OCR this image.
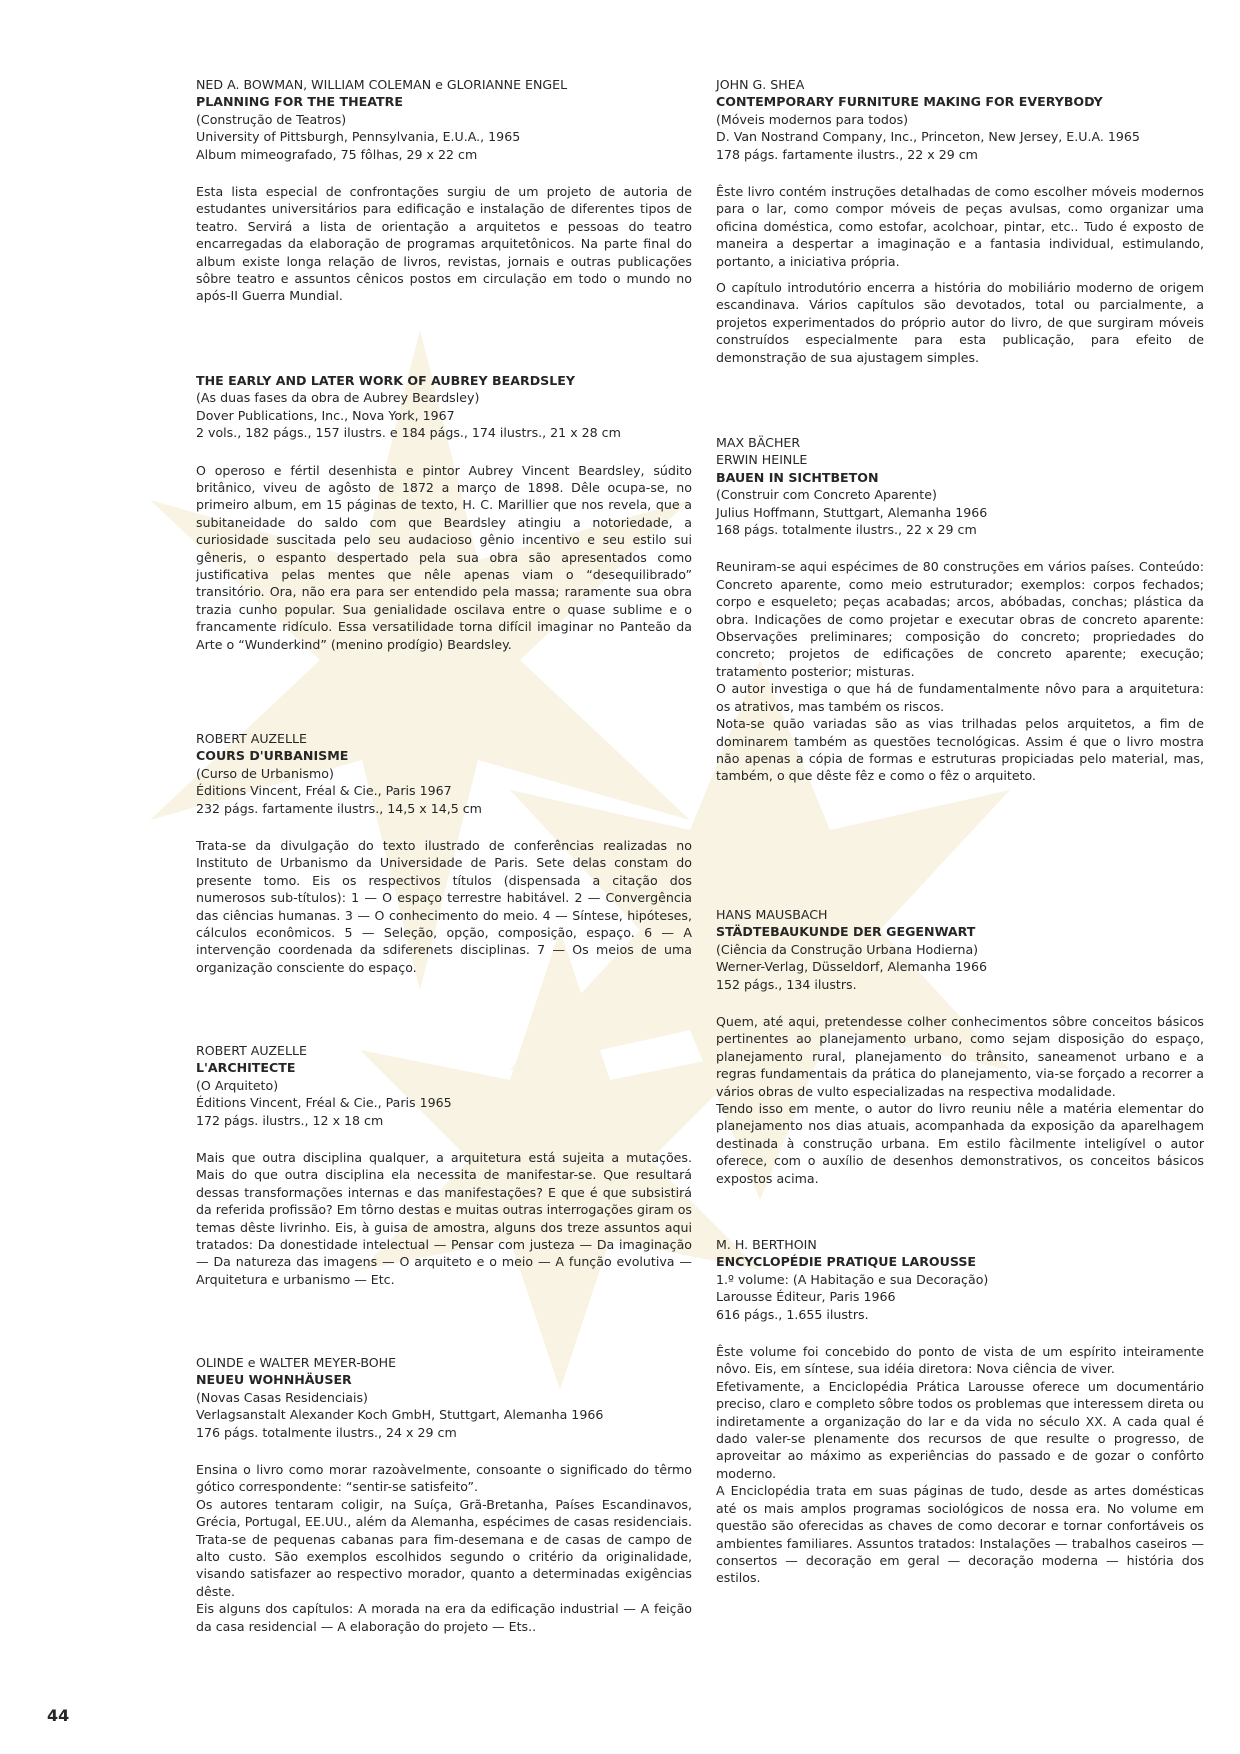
NED A. BOWMAN, WILLIAM COLEMAN e GLORIANNE ENGEL
PLANNING FOR THE THEATRE
(Construção de Teatros)
University of Pittsburgh, Pennsylvania, E.U.A., 1965
Album mimeografado, 75 fôlhas, 29 x 22 cm

Esta lista especial de confrontações surgiu de um projeto de autoria de estudantes universitários para edificação e instalação de diferentes tipos de teatro. Servirá a lista de orientação a arquitetos e pessoas do teatro encarregadas da elaboração de programas arquitetônicos. Na parte final do album existe longa relação de livros, revistas, jornais e outras publicações sôbre teatro e assuntos cênicos postos em circulação em todo o mundo no após-II Guerra Mundial.

THE EARLY AND LATER WORK OF AUBREY BEARDSLEY
(As duas fases da obra de Aubrey Beardsley)
Dover Publications, Inc., Nova York, 1967
2 vols., 182 págs., 157 ilustrs. e 184 págs., 174 ilustrs., 21 x 28 cm

O operoso e fértil desenhista e pintor Aubrey Vincent Beardsley, súdito britânico, viveu de agôsto de 1872 a março de 1898. Dêle ocupa-se, no primeiro album, em 15 páginas de texto, H. C. Marillier que nos revela, que a subitaneidade do saldo com que Beardsley atingiu a notoriedade, a curiosidade suscitada pelo seu audacioso gênio incentivo e seu estilo sui gêneris, o espanto despertado pela sua obra são apresentados como justificativa pelas mentes que nêle apenas viam o “desequilibrado” transitório. Ora, não era para ser entendido pela massa; raramente sua obra trazia cunho popular. Sua genialidade oscilava entre o quase sublime e o francamente ridículo. Essa versatilidade torna difícil imaginar no Panteão da Arte o “Wunderkind” (menino prodígio) Beardsley.

ROBERT AUZELLE
COURS D'URBANISME
(Curso de Urbanismo)
Éditions Vincent, Fréal & Cie., Paris 1967
232 págs. fartamente ilustrs., 14,5 x 14,5 cm

Trata-se da divulgação do texto ilustrado de conferências realizadas no Instituto de Urbanismo da Universidade de Paris. Sete delas constam do presente tomo. Eis os respectivos títulos (dispensada a citação dos numerosos sub-títulos): 1 — O espaço terrestre habitável. 2 — Convergência das ciências humanas. 3 — O conhecimento do meio. 4 — Síntese, hipóteses, cálculos econômicos. 5 — Seleção, opção, composição, espaço. 6 — A intervenção coordenada da sdiferenets disciplinas. 7 — Os meios de uma organização consciente do espaço.

ROBERT AUZELLE
L'ARCHITECTE
(O Arquiteto)
Éditions Vincent, Fréal & Cie., Paris 1965
172 págs. ilustrs., 12 x 18 cm

Mais que outra disciplina qualquer, a arquitetura está sujeita a mutações. Mais do que outra disciplina ela necessita de manifestar-se. Que resultará dessas transformações internas e das manifestações? E que é que subsistirá da referida profissão? Em tôrno destas e muitas outras interrogações giram os temas dêste livrinho. Eis, à guisa de amostra, alguns dos treze assuntos aqui tratados: Da donestidade intelectual — Pensar com justeza — Da imaginação — Da natureza das imagens — O arquiteto e o meio — A função evolutiva — Arquitetura e urbanismo — Etc.

OLINDE e WALTER MEYER-BOHE
NEUEU WOHNHÄUSER
(Novas Casas Residenciais)
Verlagsanstalt Alexander Koch GmbH, Stuttgart, Alemanha 1966
176 págs. totalmente ilustrs., 24 x 29 cm

Ensina o livro como morar razoàvelmente, consoante o significado do têrmo gótico correspondente: “sentir-se satisfeito”.

Os autores tentaram coligir, na Suíça, Grã-Bretanha, Países Escandinavos, Grécia, Portugal, EE.UU., além da Alemanha, espécimes de casas residenciais. Trata-se de pequenas cabanas para fim-desemana e de casas de campo de alto custo. São exemplos escolhidos segundo o critério da originalidade, visando satisfazer ao respectivo morador, quanto a determinadas exigências dêste.

Eis alguns dos capítulos: A morada na era da edificação industrial — A feição da casa residencial — A elaboração do projeto — Ets..

JOHN G. SHEA
CONTEMPORARY FURNITURE MAKING FOR EVERYBODY
(Móveis modernos para todos)
D. Van Nostrand Company, Inc., Princeton, New Jersey, E.U.A. 1965
178 págs. fartamente ilustrs., 22 x 29 cm

Êste livro contém instruções detalhadas de como escolher móveis modernos para o lar, como compor móveis de peças avulsas, como organizar uma oficina doméstica, como estofar, acolchoar, pintar, etc.. Tudo é exposto de maneira a despertar a imaginação e a fantasia individual, estimulando, portanto, a iniciativa própria.

O capítulo introdutório encerra a história do mobiliário moderno de origem escandinava. Vários capítulos são devotados, total ou parcialmente, a projetos experimentados do próprio autor do livro, de que surgiram móveis construídos especialmente para esta publicação, para efeito de demonstração de sua ajustagem simples.

MAX BÄCHER
ERWIN HEINLE
BAUEN IN SICHTBETON
(Construir com Concreto Aparente)
Julius Hoffmann, Stuttgart, Alemanha 1966
168 págs. totalmente ilustrs., 22 x 29 cm

Reuniram-se aqui espécimes de 80 construções em vários países. Conteúdo: Concreto aparente, como meio estruturador; exemplos: corpos fechados; corpo e esqueleto; peças acabadas; arcos, abóbadas, conchas; plástica da obra. Indicações de como projetar e executar obras de concreto aparente: Observações preliminares; composição do concreto; propriedades do concreto; projetos de edificações de concreto aparente; execução; tratamento posterior; misturas.

O autor investiga o que há de fundamentalmente nôvo para a arquitetura: os atrativos, mas também os riscos.

Nota-se quão variadas são as vias trilhadas pelos arquitetos, a fim de dominarem também as questões tecnológicas. Assim é que o livro mostra não apenas a cópia de formas e estruturas propiciadas pelo material, mas, também, o que dêste fêz e como o fêz o arquiteto.

HANS MAUSBACH
STÄDTEBAUKUNDE DER GEGENWART
(Ciência da Construção Urbana Hodierna)
Werner-Verlag, Düsseldorf, Alemanha 1966
152 págs., 134 ilustrs.

Quem, até aqui, pretendesse colher conhecimentos sôbre conceitos básicos pertinentes ao planejamento urbano, como sejam disposição do espaço, planejamento rural, planejamento do trânsito, saneamenot urbano e a regras fundamentais da prática do planejamento, via-se forçado a recorrer a vários obras de vulto especializadas na respectiva modalidade.

Tendo isso em mente, o autor do livro reuniu nêle a matéria elementar do planejamento nos dias atuais, acompanhada da exposição da aparelhagem destinada à construção urbana. Em estilo fàcilmente inteligível o autor oferece, com o auxílio de desenhos demonstrativos, os conceitos básicos expostos acima.

M. H. BERTHOIN
ENCYCLOPÉDIE PRATIQUE LAROUSSE
1.º volume: (A Habitação e sua Decoração)
Larousse Éditeur, Paris 1966
616 págs., 1.655 ilustrs.

Êste volume foi concebido do ponto de vista de um espírito inteiramente nôvo. Eis, em síntese, sua idéia diretora: Nova ciência de viver.

Efetivamente, a Enciclopédia Prática Larousse oferece um documentário preciso, claro e completo sôbre todos os problemas que interessem direta ou indiretamente a organização do lar e da vida no século XX. A cada qual é dado valer-se plenamente dos recursos de que resulte o progresso, de aproveitar ao máximo as experiências do passado e de gozar o confôrto moderno.

A Enciclopédia trata em suas páginas de tudo, desde as artes domésticas até os mais amplos programas sociológicos de nossa era. No volume em questão são oferecidas as chaves de como decorar e tornar confortáveis os ambientes familiares. Assuntos tratados: Instalações — trabalhos caseiros — consertos — decoração em geral — decoração moderna — história dos estilos.

44
